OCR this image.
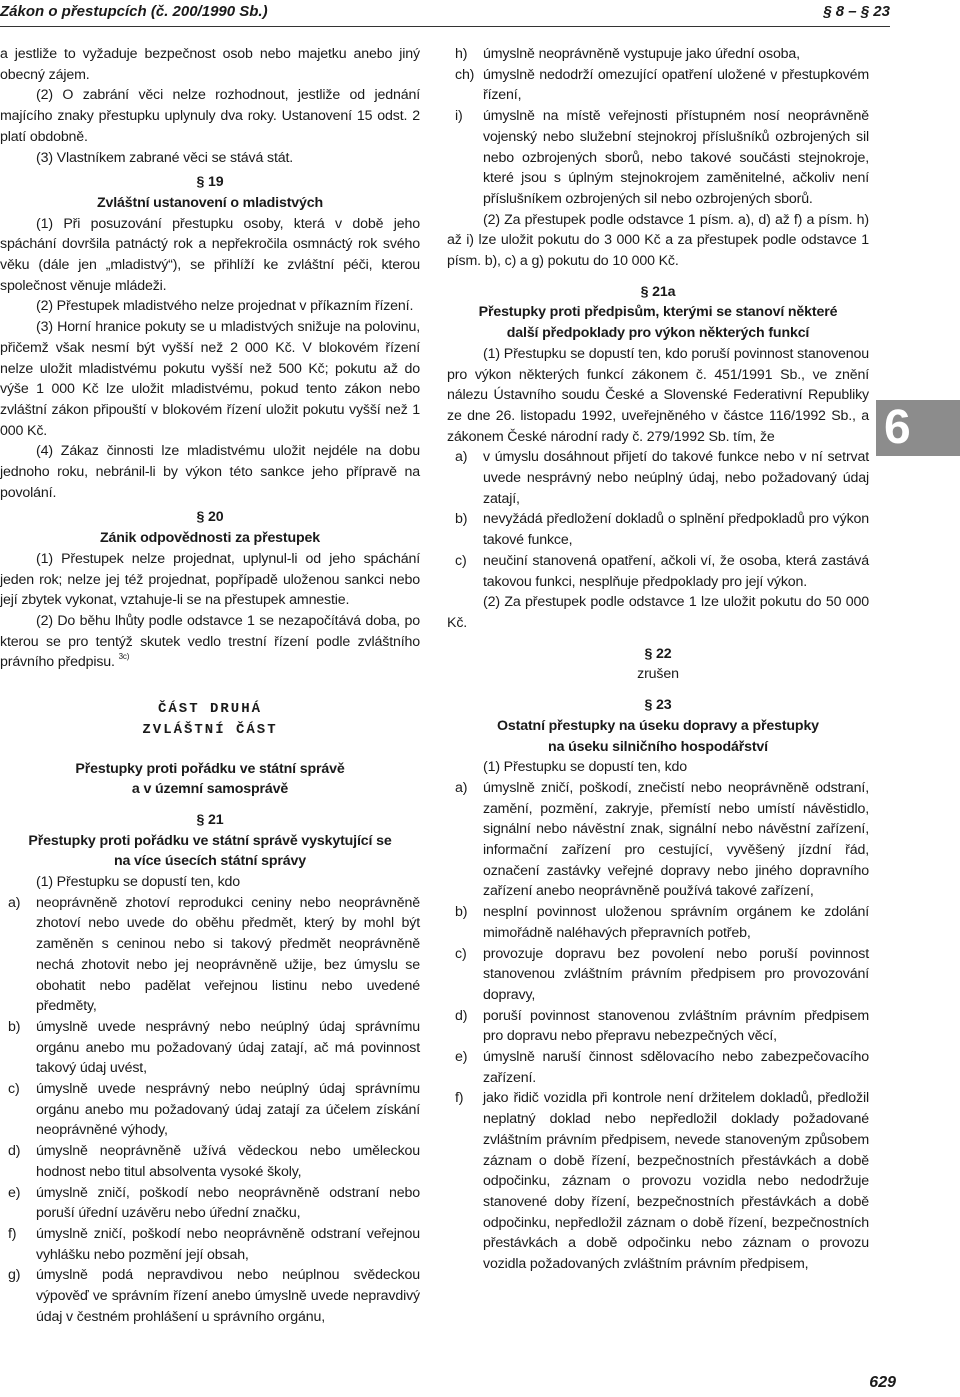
Zákon o přestupcích (č. 200/1990 Sb.)	§ 8 – § 23

a jestliže to vyžaduje bezpečnost osob nebo majetku anebo jiný obecný zájem.

(2) O zabrání věci nelze rozhodnout, jestliže od jednání majícího znaky přestupku uplynuly dva roky. Ustanovení 15 odst. 2 platí obdobně.

(3) Vlastníkem zabrané věci se stává stát.

§ 19
Zvláštní ustanovení o mladistvých

(1) Při posuzování přestupku osoby, která v době jeho spáchání dovršila patnáctý rok a nepřekročila osmnáctý rok svého věku (dále jen „mladistvý“), se přihlíží ke zvláštní péči, kterou společnost věnuje mládeži.

(2) Přestupek mladistvého nelze projednat v příkazním řízení.

(3) Horní hranice pokuty se u mladistvých snižuje na polovinu, přičemž však nesmí být vyšší než 2 000 Kč. V blokovém řízení nelze uložit mladistvému pokutu vyšší než 500 Kč; pokutu až do výše 1 000 Kč lze uložit mladistvému, pokud tento zákon nebo zvláštní zákon připouští v blokovém řízení uložit pokutu vyšší než 1 000 Kč.

(4) Zákaz činnosti lze mladistvému uložit nejdéle na dobu jednoho roku, nebránil-li by výkon této sankce jeho přípravě na povolání.

§ 20
Zánik odpovědnosti za přestupek

(1) Přestupek nelze projednat, uplynul-li od jeho spáchání jeden rok; nelze jej též projednat, popřípadě uloženou sankci nebo její zbytek vykonat, vztahuje-li se na přestupek amnestie.

(2) Do běhu lhůty podle odstavce 1 se nezapočítává doba, po kterou se pro tentýž skutek vedlo trestní řízení podle zvláštního právního předpisu. $^{3c)}$

ČÁST DRUHÁ
ZVLÁŠTNÍ ČÁST
Přestupky proti pořádku ve státní správě
a v územní samosprávě
§ 21
Přestupky proti pořádku ve státní správě vyskytující se
na více úsecích státní správy

(1) Přestupku se dopustí ten, kdo

a) neoprávněně zhotoví reprodukci ceniny nebo neoprávněně zhotoví nebo uvede do oběhu předmět, který by mohl být zaměněn s ceninou nebo si takový předmět neoprávněně nechá zhotovit nebo jej neoprávněně užije, bez úmyslu se obohatit nebo padělat veřejnou listinu nebo uvedené předměty,
b) úmyslně uvede nesprávný nebo neúplný údaj správnímu orgánu anebo mu požadovaný údaj zatají, ač má povinnost takový údaj uvést,
c) úmyslně uvede nesprávný nebo neúplný údaj správnímu orgánu anebo mu požadovaný údaj zatají za účelem získání neoprávněné výhody,
d) úmyslně neoprávněně užívá vědeckou nebo uměleckou hodnost nebo titul absolventa vysoké školy,
e) úmyslně zničí, poškodí nebo neoprávněně odstraní nebo poruší úřední uzávěru nebo úřední značku,
f) úmyslně zničí, poškodí nebo neoprávněně odstraní veřejnou vyhlášku nebo pozmění její obsah,
g) úmyslně podá nepravdivou nebo neúplnou svědeckou výpověď ve správním řízení anebo úmyslně uvede nepravdivý údaj v čestném prohlášení u správního orgánu,
h) úmyslně neoprávněně vystupuje jako úřední osoba,
ch) úmyslně nedodrží omezující opatření uložené v přestupkovém řízení,
i) úmyslně na místě veřejnosti přístupném nosí neoprávněně vojenský nebo služební stejnokroj příslušníků ozbrojených sil nebo ozbrojených sborů, nebo takové součásti stejnokroje, které jsou s úplným stejnokrojem zaměnitelné, ačkoliv není příslušníkem ozbrojených sil nebo ozbrojených sborů.

(2) Za přestupek podle odstavce 1 písm. a), d) až f) a písm. h) až i) lze uložit pokutu do 3 000 Kč a za přestupek podle odstavce 1 písm. b), c) a g) pokutu do 10 000 Kč.

§ 21a
Přestupky proti předpisům, kterými se stanoví některé
další předpoklady pro výkon některých funkcí

(1) Přestupku se dopustí ten, kdo poruší povinnost stanovenou pro výkon některých funkcí zákonem č. 451/1991 Sb., ve znění nálezu Ústavního soudu České a Slovenské Federativní Republiky ze dne 26. listopadu 1992, uveřejněného v částce 116/1992 Sb., a zákonem České národní rady č. 279/1992 Sb. tím, že

a) v úmyslu dosáhnout přijetí do takové funkce nebo v ní setrvat uvede nesprávný nebo neúplný údaj, nebo požadovaný údaj zatají,
b) nevyžádá předložení dokladů o splnění předpokladů pro výkon takové funkce,
c) neučiní stanovená opatření, ačkoli ví, že osoba, která zastává takovou funkci, nesplňuje předpoklady pro její výkon.

(2) Za přestupek podle odstavce 1 lze uložit pokutu do 50 000 Kč.

§ 22
zrušen
§ 23
Ostatní přestupky na úseku dopravy a přestupky
na úseku silničního hospodářství

(1) Přestupku se dopustí ten, kdo

a) úmyslně zničí, poškodí, znečistí nebo neoprávněně odstraní, zamění, pozmění, zakryje, přemístí nebo umístí návěstidlo, signální nebo návěstní znak, signální nebo návěstní zařízení, informační zařízení pro cestující, vyvěšený jízdní řád, označení zastávky veřejné dopravy nebo jiného dopravního zařízení anebo neoprávněně používá takové zařízení,
b) nesplní povinnost uloženou správním orgánem ke zdolání mimořádně naléhavých přepravních potřeb,
c) provozuje dopravu bez povolení nebo poruší povinnost stanovenou zvláštním právním předpisem pro provozování dopravy,
d) poruší povinnost stanovenou zvláštním právním předpisem pro dopravu nebo přepravu nebezpečných věcí,
e) úmyslně naruší činnost sdělovacího nebo zabezpečovacího zařízení.
f) jako řidič vozidla při kontrole není držitelem dokladů, předložil neplatný doklad nebo nepředložil doklady požadované zvláštním právním předpisem, nevede stanoveným způsobem záznam o době řízení, bezpečnostních přestávkách a době odpočinku, záznam o provozu vozidla nebo nedodržuje stanovené doby řízení, bezpečnostních přestávkách a době odpočinku, nepředložil záznam o době řízení, bezpečnostních přestávkách a době odpočinku nebo záznam o provozu vozidla požadovaných zvláštním právním předpisem,
6
629
